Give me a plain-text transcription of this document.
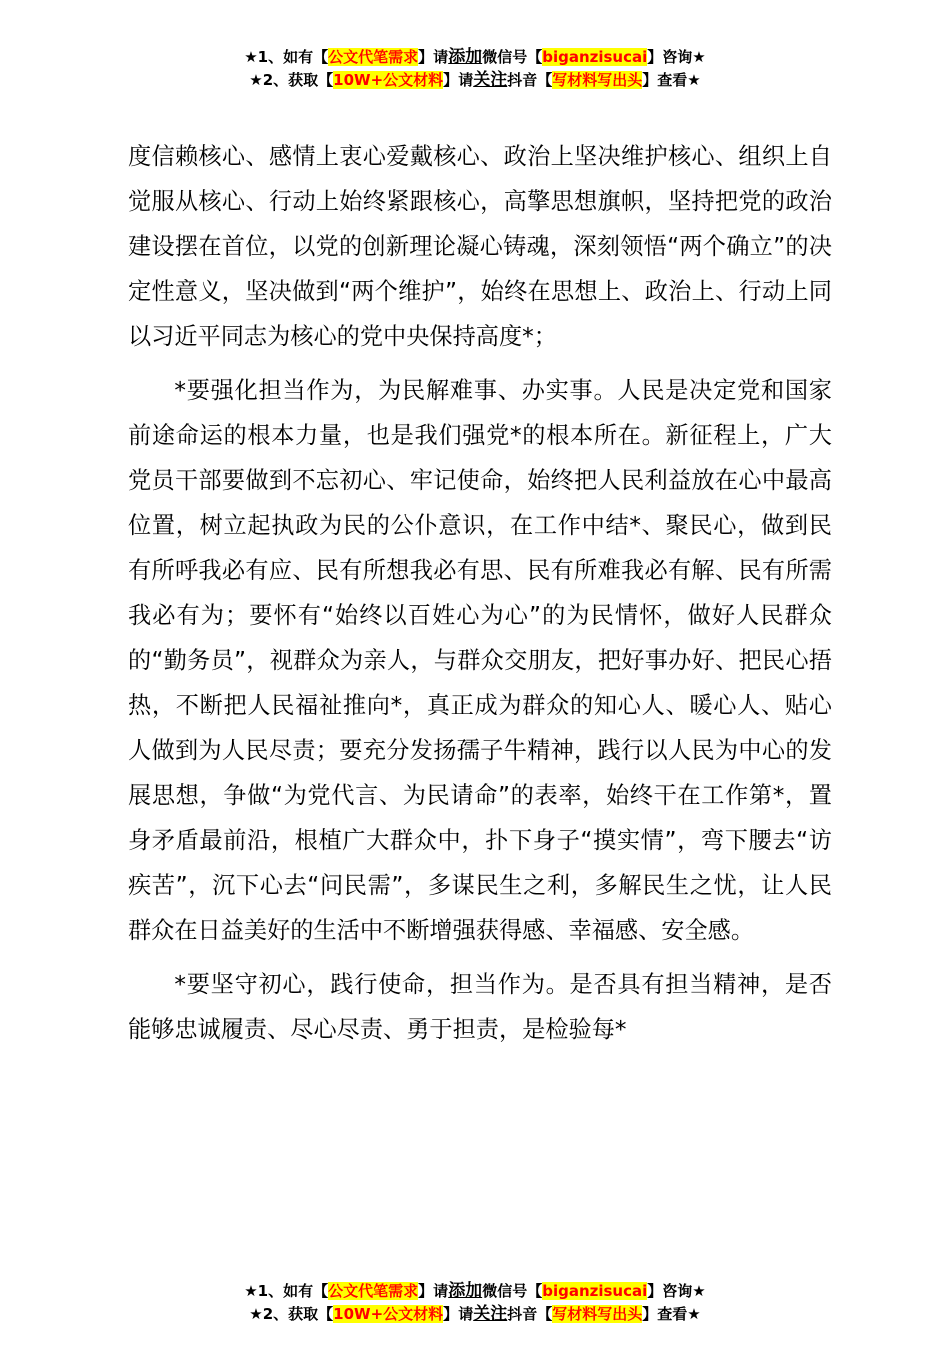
★1、如有【公文代笔需求】请添加微信号【biganzisucai】咨询★
★2、获取【10W+公文材料】请关注抖音【写材料写出头】查看★

度信赖核心、感情上衷心爱戴核心、政治上坚决维护核心、组织上自觉服从核心、行动上始终紧跟核心，高擎思想旗帜，坚持把党的政治建设摆在首位，以党的创新理论凝心铸魂，深刻领悟“两个确立”的决定性意义，坚决做到“两个维护”，始终在思想上、政治上、行动上同以习近平同志为核心的党中央保持高度*；

*要强化担当作为，为民解难事、办实事。人民是决定党和国家前途命运的根本力量，也是我们强党*的根本所在。新征程上，广大党员干部要做到不忘初心、牢记使命，始终把人民利益放在心中最高位置，树立起执政为民的公仆意识，在工作中结*、聚民心，做到民有所呼我必有应、民有所想我必有思、民有所难我必有解、民有所需我必有为；要怀有“始终以百姓心为心”的为民情怀，做好人民群众的“勤务员”，视群众为亲人，与群众交朋友，把好事办好、把民心捂热，不断把人民福祉推向*，真正成为群众的知心人、暖心人、贴心人做到为人民尽责；要充分发扬孺子牛精神，践行以人民为中心的发展思想，争做“为党代言、为民请命”的表率，始终干在工作第*，置身矛盾最前沿，根植广大群众中，扑下身子“摸实情”，弯下腰去“访疾苦”，沉下心去“问民需”，多谋民生之利，多解民生之忧，让人民群众在日益美好的生活中不断增强获得感、幸福感、安全感。

*要坚守初心，践行使命，担当作为。是否具有担当精神，是否能够忠诚履责、尽心尽责、勇于担责，是检验每*

★1、如有【公文代笔需求】请添加微信号【biganzisucai】咨询★
★2、获取【10W+公文材料】请关注抖音【写材料写出头】查看★
